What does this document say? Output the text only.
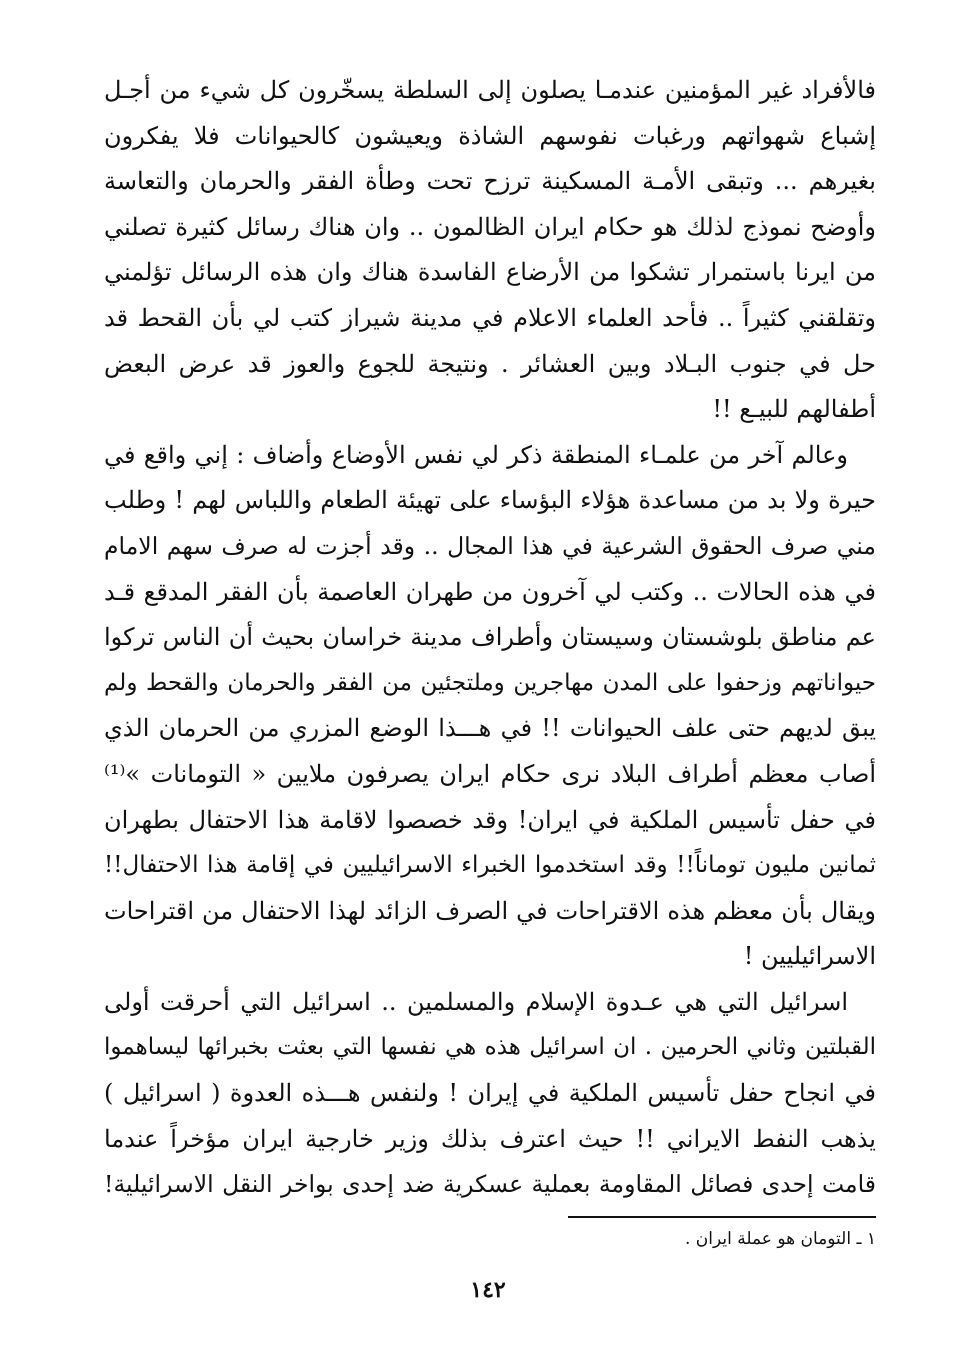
فالأفراد غير المؤمنين عندمـا يصلون إلى السلطة يسخّرون كل شيء من أجـل
إشباع شهواتهم ورغبات نفوسهم الشاذة ويعيشون كالحيوانات فلا يفكرون
بغيرهم ... وتبقى الأمـة المسكينة ترزح تحت وطأة الفقر والحرمان والتعاسة
وأوضح نموذج لذلك هو حكام ايران الظالمون .. وان هناك رسائل كثيرة تصلني
من ايرنا باستمرار تشكوا من الأرضاع الفاسدة هناك وان هذه الرسائل تؤلمني
وتقلقني كثيراً .. فأحد العلماء الاعلام في مدينة شيراز كتب لي بأن القحط قد
حل في جنوب البـلاد وبين العشائر . ونتيجة للجوع والعوز قد عرض البعض
أطفالهم للبيـع !!
وعالم آخر من علمـاء المنطقة ذكر لي نفس الأوضاع وأضاف : إني واقع في
حيرة ولا بد من مساعدة هؤلاء البؤساء على تهيئة الطعام واللباس لهم ! وطلب
مني صرف الحقوق الشرعية في هذا المجال .. وقد أجزت له صرف سهم الامام
في هذه الحالات .. وكتب لي آخرون من طهران العاصمة بأن الفقر المدقع قـد
عم مناطق بلوشستان وسيستان وأطراف مدينة خراسان بحيث أن الناس تركوا
حيواناتهم وزحفوا على المدن مهاجرين وملتجئين من الفقر والحرمان والقحط ولم
يبق لديهم حتى علف الحيوانات !! في هـــذا الوضع المزري من الحرمان الذي
أصاب معظم أطراف البلاد نرى حكام ايران يصرفون ملايين « التومانات »⁽¹⁾
في حفل تأسيس الملكية في ايران! وقد خصصوا لاقامة هذا الاحتفال بطهران
ثمانين مليون توماناً!! وقد استخدموا الخبراء الاسرائيليين في إقامة هذا الاحتفال!!
ويقال بأن معظم هذه الاقتراحات في الصرف الزائد لهذا الاحتفال من اقتراحات
الاسرائيليين !
اسرائيل التي هي عـدوة الإسلام والمسلمين .. اسرائيل التي أحرقت أولى
القبلتين وثاني الحرمين . ان اسرائيل هذه هي نفسها التي بعثت بخبرائها ليساهموا
في انجاح حفل تأسيس الملكية في إيران ! ولنفس هـــذه العدوة ( اسرائيل )
يذهب النفط الايراني !! حيث اعترف بذلك وزير خارجية ايران مؤخراً عندما
قامت إحدى فصائل المقاومة بعملية عسكرية ضد إحدى بواخر النقل الاسرائيلية!
١ ـ التومان هو عملة ايران .
١٤٢
